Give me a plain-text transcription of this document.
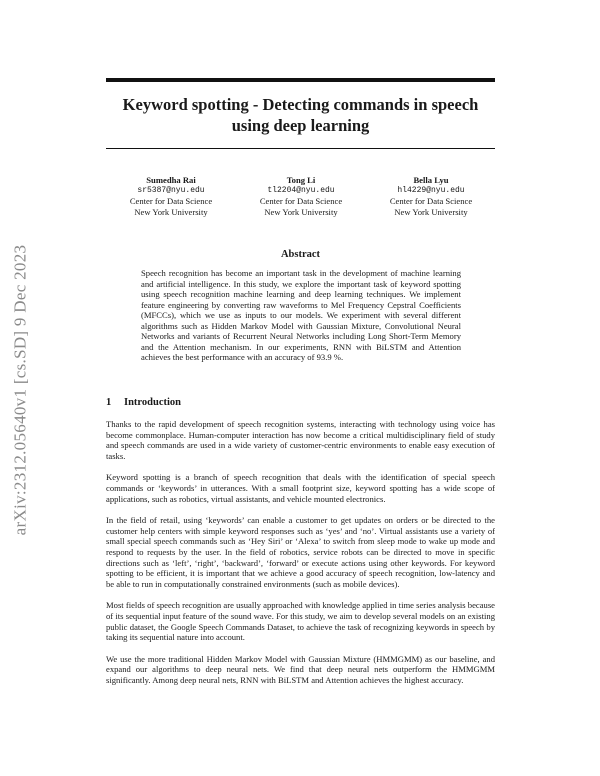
arXiv:2312.05640v1 [cs.SD] 9 Dec 2023
Keyword spotting - Detecting commands in speech using deep learning
Sumedha Rai
sr5387@nyu.edu
Center for Data Science
New York University
Tong Li
tl2204@nyu.edu
Center for Data Science
New York University
Bella Lyu
hl4229@nyu.edu
Center for Data Science
New York University
Abstract

Speech recognition has become an important task in the development of machine learning and artificial intelligence. In this study, we explore the important task of keyword spotting using speech recognition machine learning and deep learning techniques. We implement feature engineering by converting raw waveforms to Mel Frequency Cepstral Coefficients (MFCCs), which we use as inputs to our models. We experiment with several different algorithms such as Hidden Markov Model with Gaussian Mixture, Convolutional Neural Networks and variants of Recurrent Neural Networks including Long Short-Term Memory and the Attention mechanism. In our experiments, RNN with BiLSTM and Attention achieves the best performance with an accuracy of 93.9 %.

1 Introduction

Thanks to the rapid development of speech recognition systems, interacting with technology using voice has become commonplace. Human-computer interaction has now become a critical multidisciplinary field of study and speech commands are used in a wide variety of customer-centric environments to enable easy execution of tasks.

Keyword spotting is a branch of speech recognition that deals with the identification of special speech commands or ‘keywords’ in utterances. With a small footprint size, keyword spotting has a wide scope of applications, such as robotics, virtual assistants, and vehicle mounted electronics.

In the field of retail, using ‘keywords’ can enable a customer to get updates on orders or be directed to the customer help centers with simple keyword responses such as ‘yes’ and ‘no’. Virtual assistants use a variety of small special speech commands such as ‘Hey Siri’ or ‘Alexa’ to switch from sleep mode to wake up mode and respond to requests by the user. In the field of robotics, service robots can be directed to move in specific directions such as ‘left’, ‘right’, ‘backward’, ‘forward’ or execute actions using other keywords. For keyword spotting to be efficient, it is important that we achieve a good accuracy of speech recognition, low-latency and be able to run in computationally constrained environments (such as mobile devices).

Most fields of speech recognition are usually approached with knowledge applied in time series analysis because of its sequential input feature of the sound wave. For this study, we aim to develop several models on an existing public dataset, the Google Speech Commands Dataset, to achieve the task of recognizing keywords in speech by taking its sequential nature into account.

We use the more traditional Hidden Markov Model with Gaussian Mixture (HMMGMM) as our baseline, and expand our algorithms to deep neural nets. We find that deep neural nets outperform the HMMGMM significantly. Among deep neural nets, RNN with BiLSTM and Attention achieves the highest accuracy.
